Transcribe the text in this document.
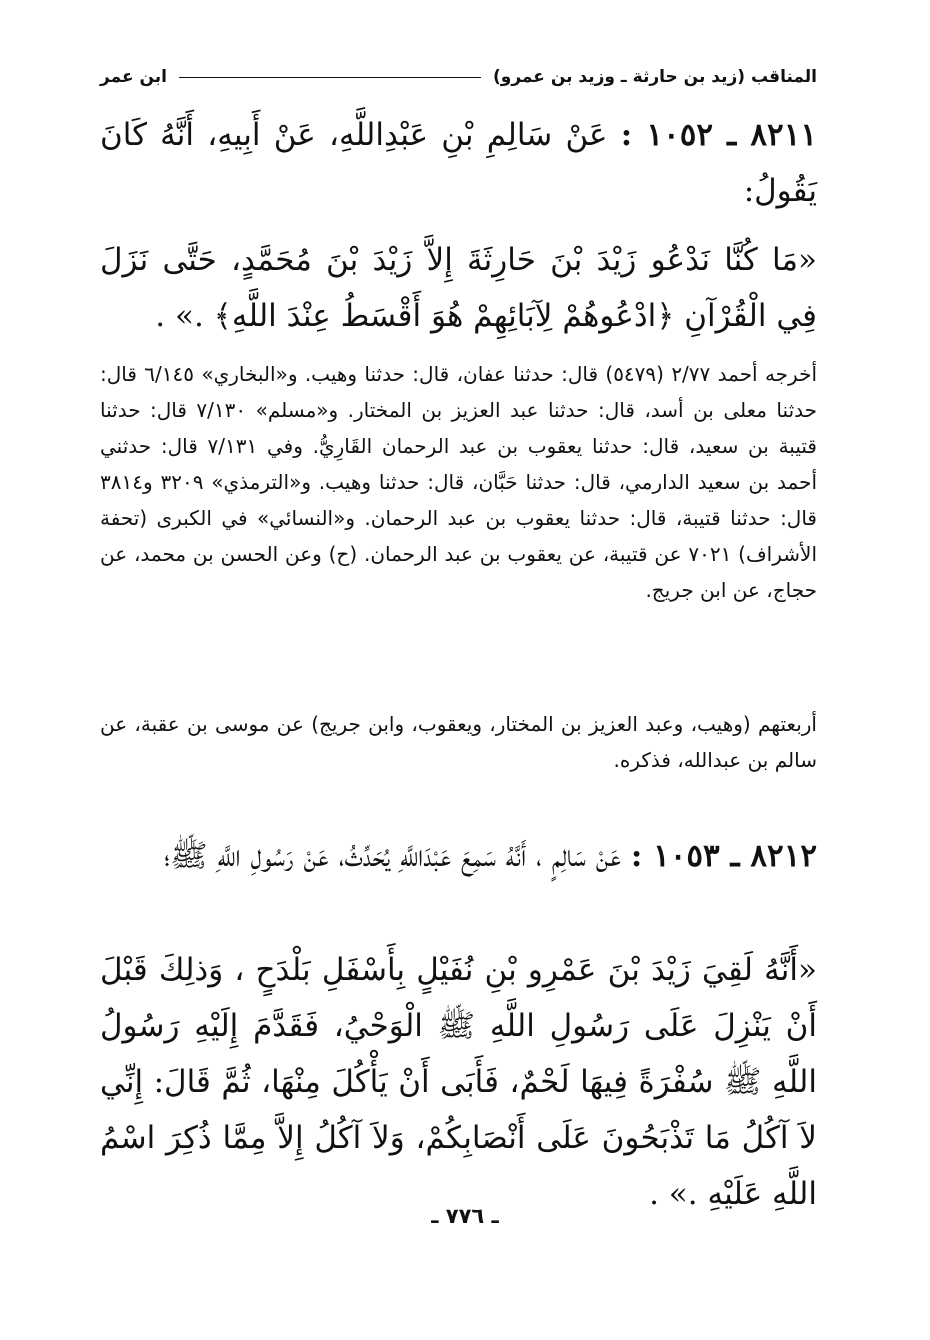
المناقب (زيد بن حارثة ـ وزيد بن عمرو)
ابن عمر
٨٢١١ ـ ١٠٥٢ : عَنْ سَالِمِ بْنِ عَبْدِاللَّهِ، عَنْ أَبِيهِ، أَنَّهُ كَانَ يَقُولُ:
«مَا كُنَّا نَدْعُو زَيْدَ بْنَ حَارِثَةَ إِلاَّ زَيْدَ بْنَ مُحَمَّدٍ، حَتَّى نَزَلَ فِي الْقُرْآنِ ﴿ادْعُوهُمْ لِآبَائِهِمْ هُوَ أَقْسَطُ عِنْدَ اللَّهِ﴾ .» .
أخرجه أحمد ٢/٧٧ (٥٤٧٩) قال: حدثنا عفان، قال: حدثنا وهيب. و«البخاري» ٦/١٤٥ قال: حدثنا معلى بن أسد، قال: حدثنا عبد العزيز بن المختار. و«مسلم» ٧/١٣٠ قال: حدثنا قتيبة بن سعيد، قال: حدثنا يعقوب بن عبد الرحمان القَارِيُّ. وفي ٧/١٣١ قال: حدثني أحمد بن سعيد الدارمي، قال: حدثنا حَبَّان، قال: حدثنا وهيب. و«الترمذي» ٣٢٠٩ و٣٨١٤ قال: حدثنا قتيبة، قال: حدثنا يعقوب بن عبد الرحمان. و«النسائي» في الكبرى (تحفة الأشراف) ٧٠٢١ عن قتيبة، عن يعقوب بن عبد الرحمان. (ح) وعن الحسن بن محمد، عن حجاج، عن ابن جريج.
أربعتهم (وهيب، وعبد العزيز بن المختار، ويعقوب، وابن جريج) عن موسى بن عقبة، عن سالم بن عبدالله، فذكره.
٨٢١٢ ـ ١٠٥٣ : عَنْ سَالِمٍ ، أَنَّهُ سَمِعَ عَبْدَاللَّهِ يُحَدِّثُ، عَنْ رَسُولِ اللَّهِ ﷺ؛
«أَنَّهُ لَقِيَ زَيْدَ بْنَ عَمْرِو بْنِ نُفَيْلٍ بِأَسْفَلِ بَلْدَحٍ ، وَذلِكَ قَبْلَ أَنْ يَنْزِلَ عَلَى رَسُولِ اللَّهِ ﷺ الْوَحْيُ، فَقَدَّمَ إِلَيْهِ رَسُولُ اللَّهِ ﷺ سُفْرَةً فِيهَا لَحْمٌ، فَأَبَى أَنْ يَأْكُلَ مِنْهَا، ثُمَّ قَالَ: إِنِّي لاَ آكُلُ مَا تَذْبَحُونَ عَلَى أَنْصَابِكُمْ، وَلاَ آكُلُ إِلاَّ مِمَّا ذُكِرَ اسْمُ اللَّهِ عَلَيْهِ .» .
ـ ٧٧٦ ـ
